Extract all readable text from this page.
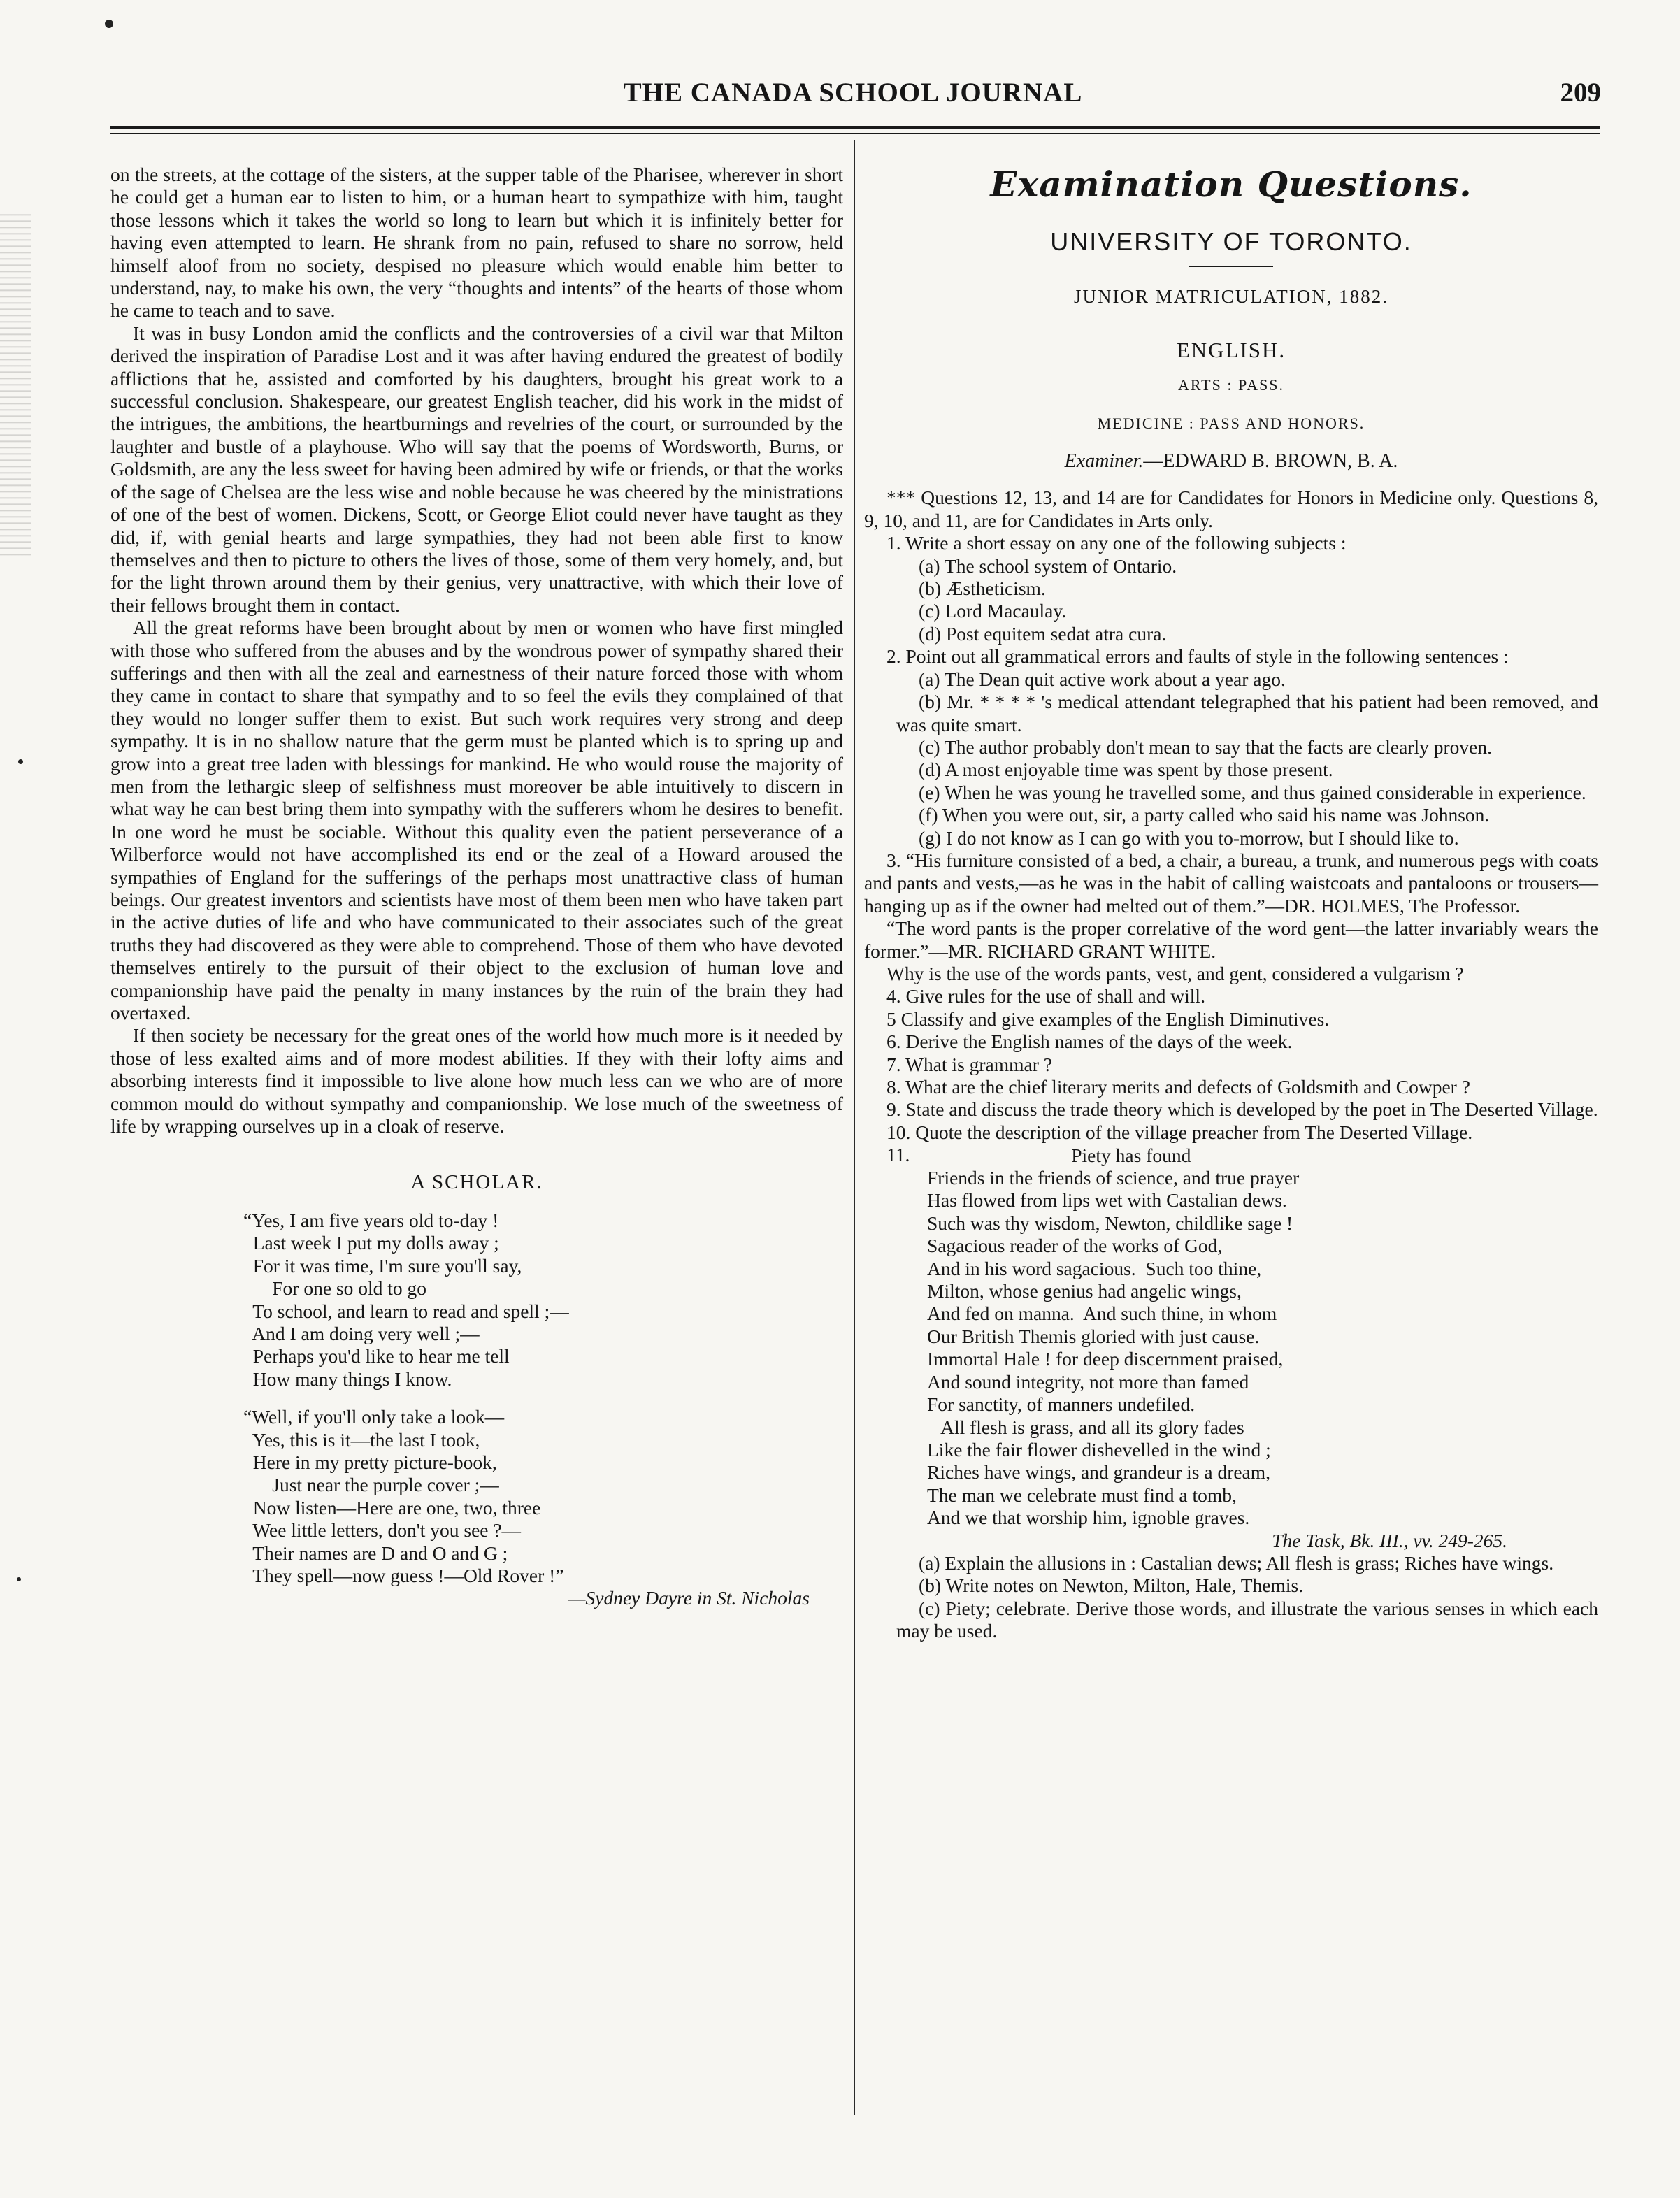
THE CANADA SCHOOL JOURNAL	209

on the streets, at the cottage of the sisters, at the supper table of the Pharisee, wherever in short he could get a human ear to listen to him, or a human heart to sympathize with him, taught those lessons which it takes the world so long to learn but which it is infinitely better for having even attempted to learn. He shrank from no pain, refused to share no sorrow, held himself aloof from no society, despised no pleasure which would enable him better to understand, nay, to make his own, the very “thoughts and intents” of the hearts of those whom he came to teach and to save.

It was in busy London amid the conflicts and the controversies of a civil war that Milton derived the inspiration of Paradise Lost and it was after having endured the greatest of bodily afflictions that he, assisted and comforted by his daughters, brought his great work to a successful conclusion. Shakespeare, our greatest English teacher, did his work in the midst of the intrigues, the ambitions, the heartburnings and revelries of the court, or surrounded by the laughter and bustle of a playhouse. Who will say that the poems of Wordsworth, Burns, or Goldsmith, are any the less sweet for having been admired by wife or friends, or that the works of the sage of Chelsea are the less wise and noble because he was cheered by the ministrations of one of the best of women. Dickens, Scott, or George Eliot could never have taught as they did, if, with genial hearts and large sympathies, they had not been able first to know themselves and then to picture to others the lives of those, some of them very homely, and, but for the light thrown around them by their genius, very unattractive, with which their love of their fellows brought them in contact.

All the great reforms have been brought about by men or women who have first mingled with those who suffered from the abuses and by the wondrous power of sympathy shared their sufferings and then with all the zeal and earnestness of their nature forced those with whom they came in contact to share that sympathy and to so feel the evils they complained of that they would no longer suffer them to exist. But such work requires very strong and deep sympathy. It is in no shallow nature that the germ must be planted which is to spring up and grow into a great tree laden with blessings for mankind. He who would rouse the majority of men from the lethargic sleep of selfishness must moreover be able intuitively to discern in what way he can best bring them into sympathy with the sufferers whom he desires to benefit. In one word he must be sociable. Without this quality even the patient perseverance of a Wilberforce would not have accomplished its end or the zeal of a Howard aroused the sympathies of England for the sufferings of the perhaps most unattractive class of human beings. Our greatest inventors and scientists have most of them been men who have taken part in the active duties of life and who have communicated to their associates such of the great truths they had discovered as they were able to comprehend. Those of them who have devoted themselves entirely to the pursuit of their object to the exclusion of human love and companionship have paid the penalty in many instances by the ruin of the brain they had overtaxed.

If then society be necessary for the great ones of the world how much more is it needed by those of less exalted aims and of more modest abilities. If they with their lofty aims and absorbing interests find it impossible to live alone how much less can we who are of more common mould do without sympathy and companionship. We lose much of the sweetness of life by wrapping ourselves up in a cloak of reserve.

A SCHOLAR.
“Yes, I am five years old to-day !
Last week I put my dolls away ;
For it was time, I'm sure you'll say,
For one so old to go
To school, and learn to read and spell ;—
And I am doing very well ;—
Perhaps you'd like to hear me tell
How many things I know.
“Well, if you'll only take a look—
Yes, this is it—the last I took,
Here in my pretty picture-book,
Just near the purple cover ;—
Now listen—Here are one, two, three
Wee little letters, don't you see ?—
Their names are D and O and G ;
They spell—now guess !—Old Rover !”
—Sydney Dayre in St. Nicholas
Examination Questions.
UNIVERSITY OF TORONTO.
JUNIOR MATRICULATION, 1882.
ENGLISH.
ARTS : PASS.
MEDICINE : PASS AND HONORS.
Examiner.—EDWARD B. BROWN, B. A.

*** Questions 12, 13, and 14 are for Candidates for Honors in Medicine only. Questions 8, 9, 10, and 11, are for Candidates in Arts only.

1. Write a short essay on any one of the following subjects :

(a) The school system of Ontario.

(b) Æstheticism.

(c) Lord Macaulay.

(d) Post equitem sedat atra cura.

2. Point out all grammatical errors and faults of style in the following sentences :

(a) The Dean quit active work about a year ago.

(b) Mr. * * * * 's medical attendant telegraphed that his patient had been removed, and was quite smart.

(c) The author probably don't mean to say that the facts are clearly proven.

(d) A most enjoyable time was spent by those present.

(e) When he was young he travelled some, and thus gained considerable in experience.

(f) When you were out, sir, a party called who said his name was Johnson.

(g) I do not know as I can go with you to-morrow, but I should like to.

3. “His furniture consisted of a bed, a chair, a bureau, a trunk, and numerous pegs with coats and pants and vests,—as he was in the habit of calling waistcoats and pantaloons or trousers—hanging up as if the owner had melted out of them.”—DR. HOLMES, The Professor.

“The word pants is the proper correlative of the word gent—the latter invariably wears the former.”—MR. RICHARD GRANT WHITE.

Why is the use of the words pants, vest, and gent, considered a vulgarism ?

4. Give rules for the use of shall and will.

5 Classify and give examples of the English Diminutives.

6. Derive the English names of the days of the week.

7. What is grammar ?

8. What are the chief literary merits and defects of Goldsmith and Cowper ?

9. State and discuss the trade theory which is developed by the poet in The Deserted Village.

10. Quote the description of the village preacher from The Deserted Village.

11. Piety has found
Friends in the friends of science, and true prayer
Has flowed from lips wet with Castalian dews.
Such was thy wisdom, Newton, childlike sage !
Sagacious reader of the works of God,
And in his word sagacious.  Such too thine,
Milton, whose genius had angelic wings,
And fed on manna.  And such thine, in whom
Our British Themis gloried with just cause.
Immortal Hale ! for deep discernment praised,
And sound integrity, not more than famed
For sanctity, of manners undefiled.
All flesh is grass, and all its glory fades
Like the fair flower dishevelled in the wind ;
Riches have wings, and grandeur is a dream,
The man we celebrate must find a tomb,
And we that worship him, ignoble graves.
The Task, Bk. III., vv. 249-265.

(a) Explain the allusions in : Castalian dews; All flesh is grass; Riches have wings.

(b) Write notes on Newton, Milton, Hale, Themis.

(c) Piety; celebrate. Derive those words, and illustrate the various senses in which each may be used.
